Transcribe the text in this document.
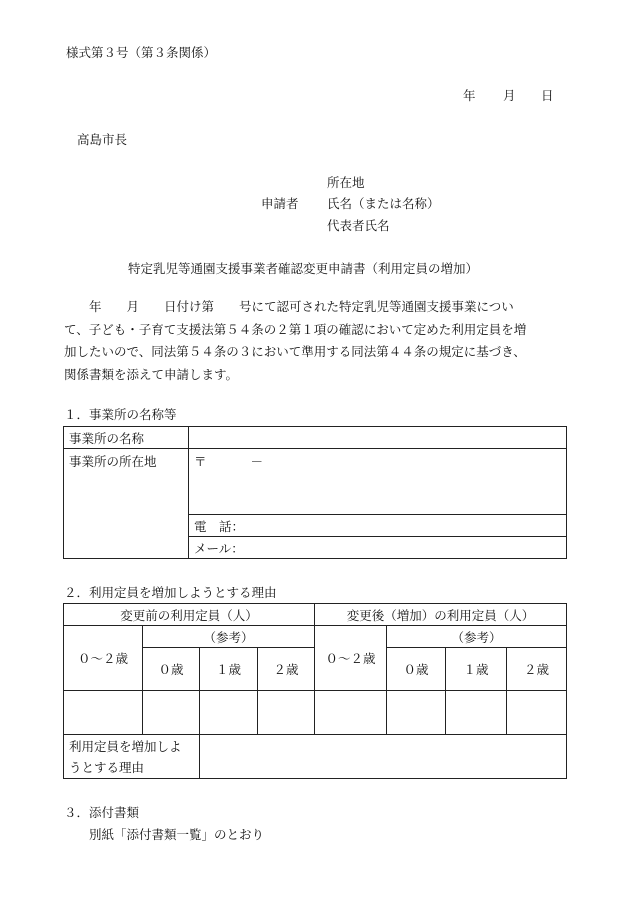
様式第３号（第３条関係）
年 月 日
高島市長
所在地
申請者 氏名（または名称）
代表者氏名
特定乳児等通園支援事業者確認変更申請書（利用定員の増加）
　　年　　月　　日付け第　　号にて認可された特定乳児等通園支援事業につい
て、子ども・子育て支援法第５４条の２第１項の確認において定めた利用定員を増
加したいので、同法第５４条の３において準用する同法第４４条の規定に基づき、
関係書類を添えて申請します。
１．事業所の名称等
事業所の名称	
事業所の所在地	〒 －
	電　話：
	メール：
２．利用定員を増加しようとする理由
変更前の利用定員（人）				変更後（増加）の利用定員（人）			
０～２歳	（参考）			０～２歳	（参考）		
	０歳	１歳	２歳		０歳	１歳	２歳

利用定員を増加しよ
うとする理由							

３．添付書類
別紙「添付書類一覧」のとおり
